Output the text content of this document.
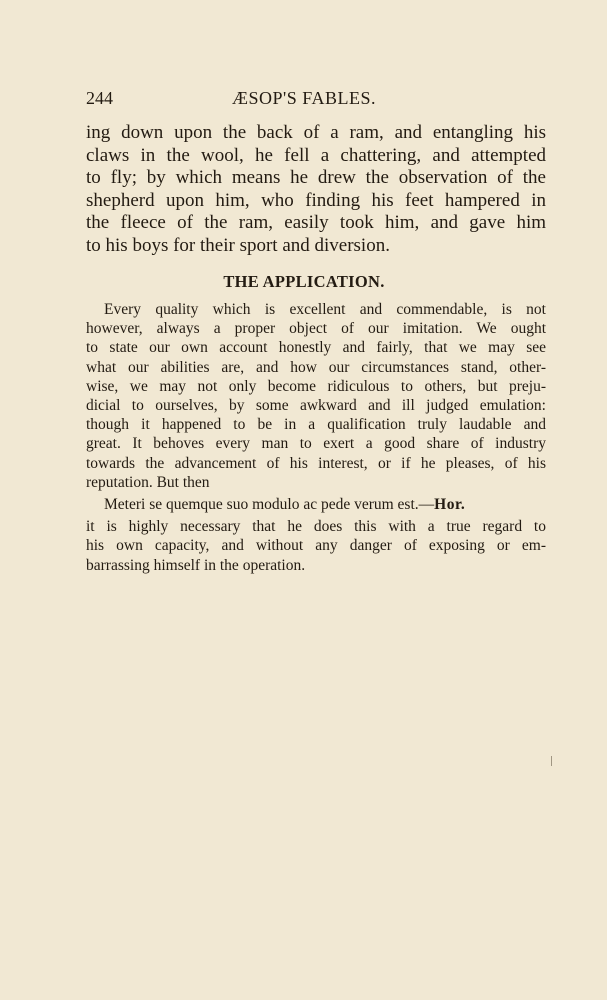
244	ÆSOP'S FABLES.
ing down upon the back of a ram, and entangling his
claws in the wool, he fell a chattering, and attempted
to fly; by which means he drew the observation of the
shepherd upon him, who finding his feet hampered in
the fleece of the ram, easily took him, and gave him
to his boys for their sport and diversion.
THE APPLICATION.
Every quality which is excellent and commendable, is not
however, always a proper object of our imitation. We ought
to state our own account honestly and fairly, that we may see
what our abilities are, and how our circumstances stand, other-
wise, we may not only become ridiculous to others, but preju-
dicial to ourselves, by some awkward and ill judged emulation:
though it happened to be in a qualification truly laudable and
great. It behoves every man to exert a good share of industry
towards the advancement of his interest, or if he pleases, of his
reputation. But then
Meteri se quemque suo modulo ac pede verum est.—Hor.
it is highly necessary that he does this with a true regard to
his own capacity, and without any danger of exposing or em-
barrassing himself in the operation.
